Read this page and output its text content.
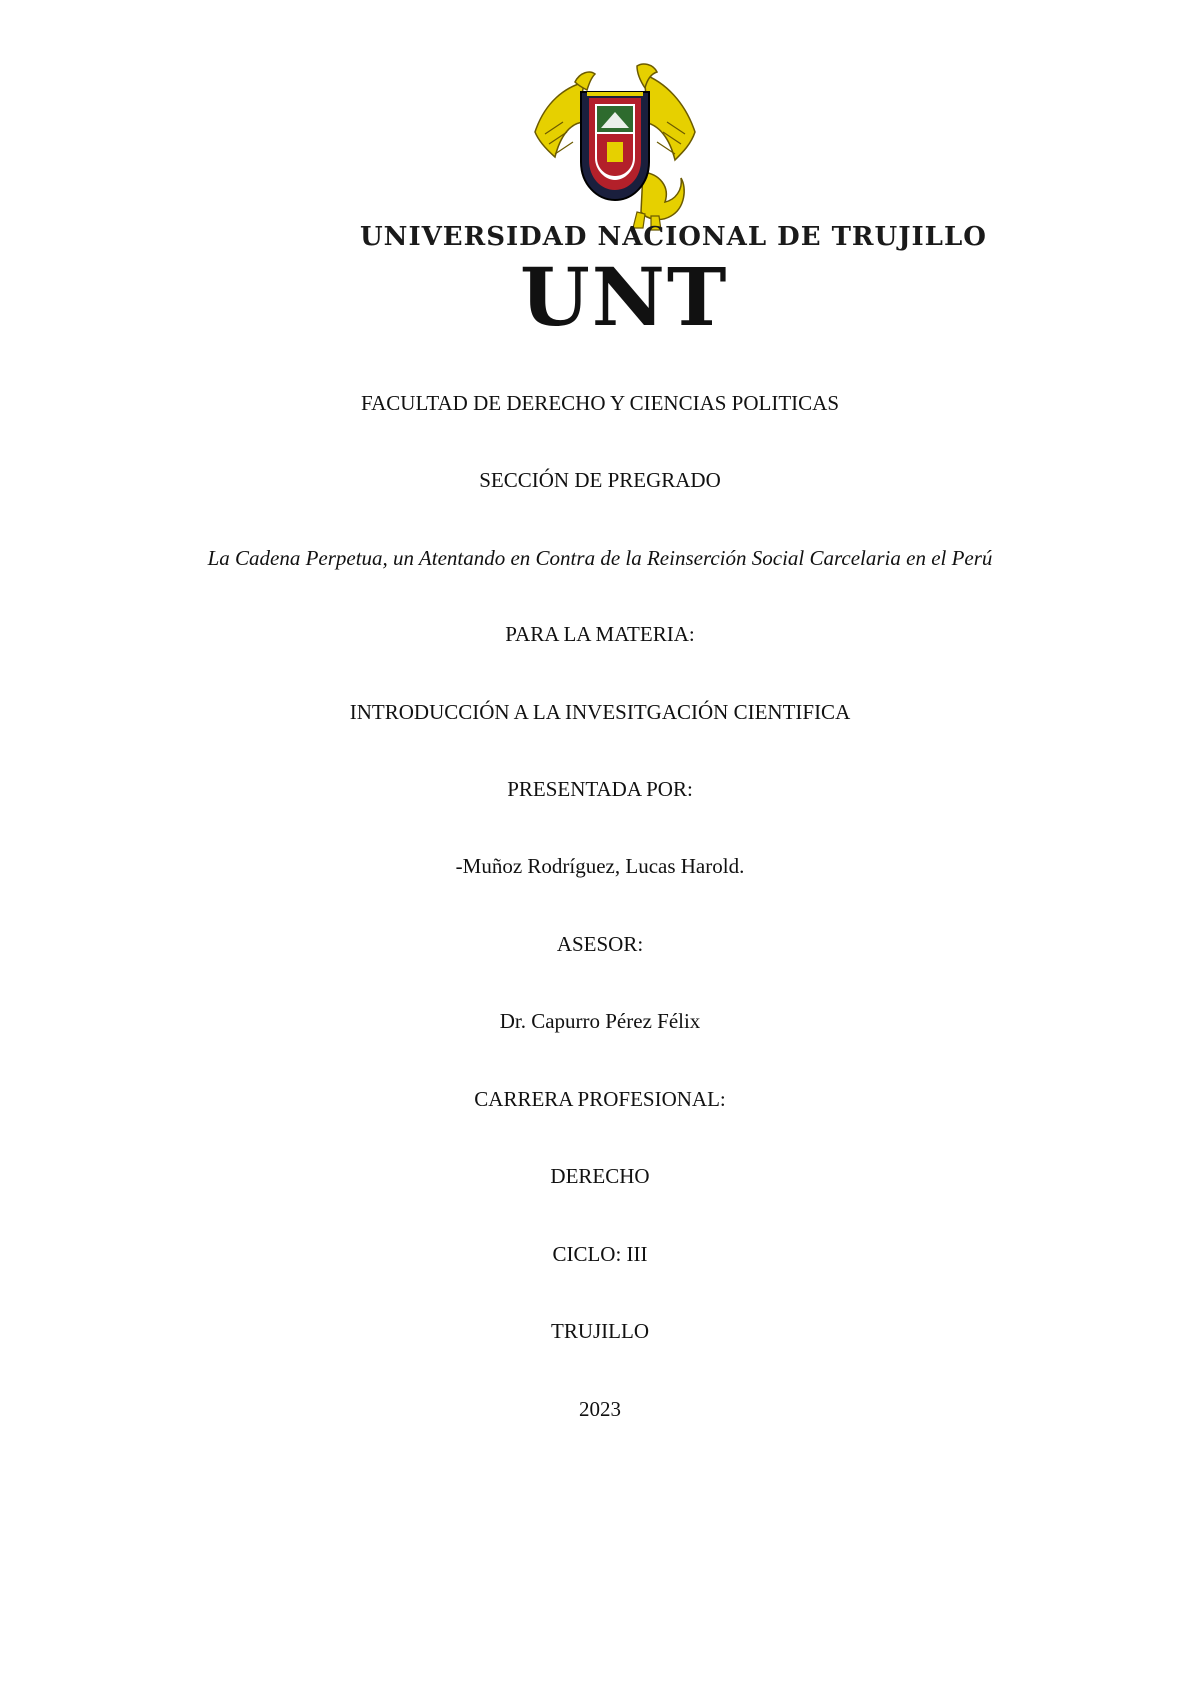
UNIVERSIDAD NACIONAL DE TRUJILLO
UNT
FACULTAD DE DERECHO Y CIENCIAS POLITICAS
SECCIÓN DE PREGRADO
La Cadena Perpetua, un Atentando en Contra de la Reinserción Social Carcelaria en el Perú
PARA LA MATERIA:
INTRODUCCIÓN A LA INVESITGACIÓN CIENTIFICA
PRESENTADA POR:
-Muñoz Rodríguez, Lucas Harold.
ASESOR:
Dr. Capurro Pérez Félix
CARRERA PROFESIONAL:
DERECHO
CICLO: III
TRUJILLO
2023
